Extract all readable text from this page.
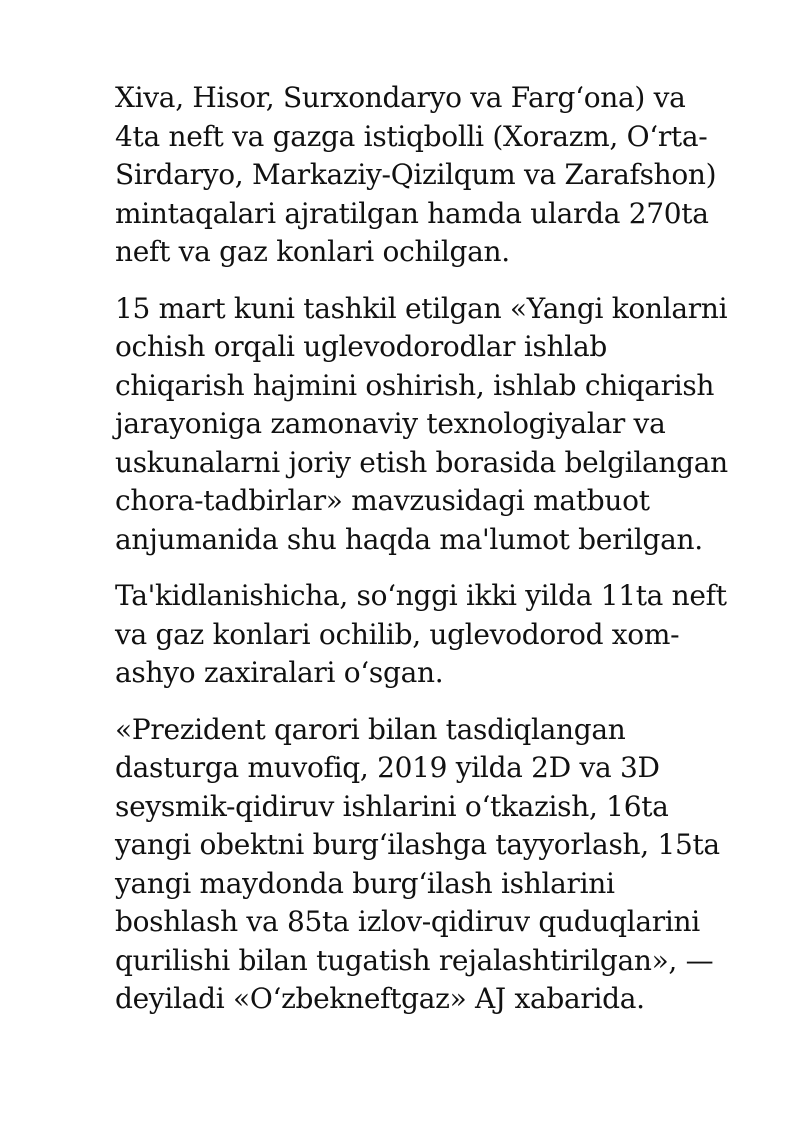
Xiva, Hisor, Surxondaryo va Farg‘ona) va
4ta neft va gazga istiqbolli (Xorazm, O‘rta-
Sirdaryo, Markaziy-Qizilqum va Zarafshon)
mintaqalari ajratilgan hamda ularda 270ta
neft va gaz konlari ochilgan.

15 mart kuni tashkil etilgan «Yangi konlarni
ochish orqali uglevodorodlar ishlab
chiqarish hajmini oshirish, ishlab chiqarish
jarayoniga zamonaviy texnologiyalar va
uskunalarni joriy etish borasida belgilangan
chora-tadbirlar» mavzusidagi matbuot
anjumanida shu haqda ma'lumot berilgan.

Ta'kidlanishicha, so‘nggi ikki yilda 11ta neft
va gaz konlari ochilib, uglevodorod xom-
ashyo zaxiralari o‘sgan.

«Prezident qarori bilan tasdiqlangan
dasturga muvofiq, 2019 yilda 2D va 3D
seysmik-qidiruv ishlarini o‘tkazish, 16ta
yangi obektni burg‘ilashga tayyorlash, 15ta
yangi maydonda burg‘ilash ishlarini
boshlash va 85ta izlov-qidiruv quduqlarini
qurilishi bilan tugatish rejalashtirilgan», —
deyiladi «O‘zbekneftgaz» AJ xabarida.
